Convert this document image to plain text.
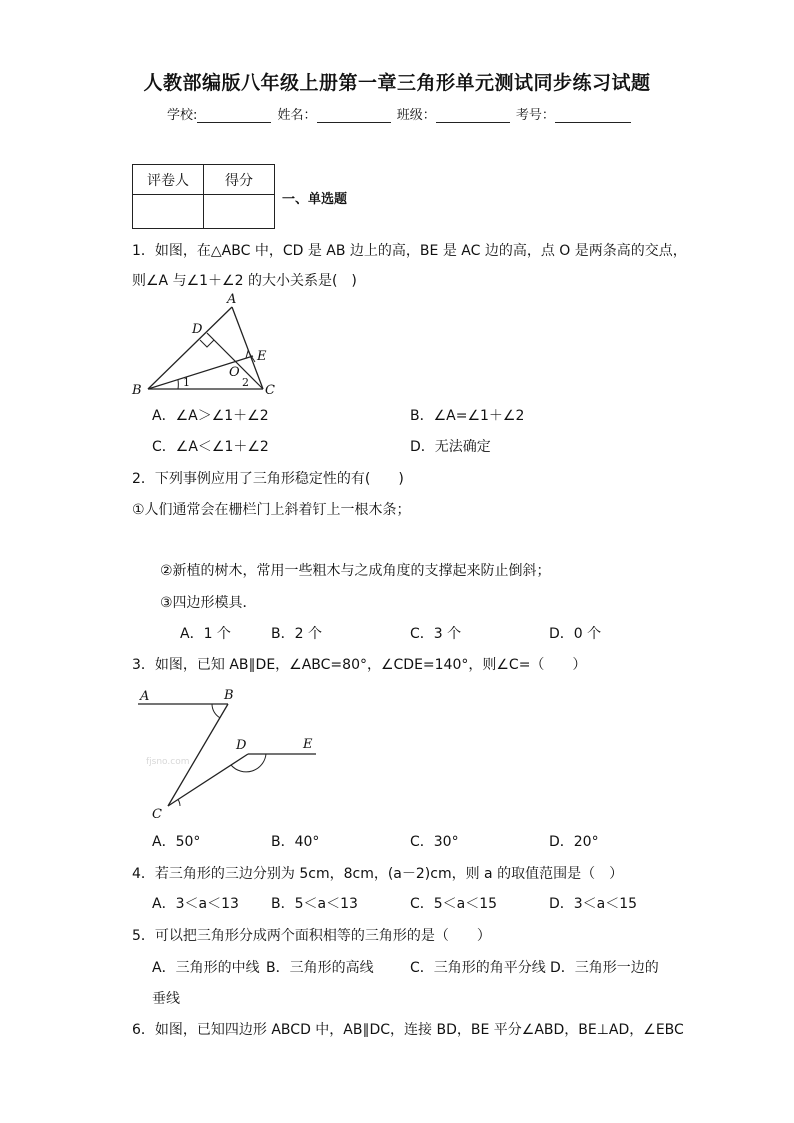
人教部编版八年级上册第一章三角形单元测试同步练习试题
学校:	姓名：	班级：	考号：
评卷人	得分

一、单选题
1．如图，在△ABC 中，CD 是 AB 边上的高，BE 是 AC 边的高，点 O 是两条高的交点，
则∠A 与∠1＋∠2 的大小关系是(　)
A
B	C
D
E
O
1	2
A．∠A＞∠1＋∠2	B．∠A=∠1＋∠2
C．∠A＜∠1＋∠2	D．无法确定
2．下列事例应用了三角形稳定性的有(　　)
①人们通常会在栅栏门上斜着钉上一根木条；
②新植的树木，常用一些粗木与之成角度的支撑起来防止倒斜；
③四边形模具．
A．1 个	B．2 个	C．3 个	D．0 个
3．如图，已知 AB∥DE，∠ABC=80°，∠CDE=140°，则∠C=（　　）
A	B
C
D	E
fjsno.com
A．50°	B．40°	C．30°	D．20°
4．若三角形的三边分别为 5cm，8cm，(a－2)cm，则 a 的取值范围是（　）
A．3＜a＜13 B．5＜a＜13	C．5＜a＜15	D．3＜a＜15
5．可以把三角形分成两个面积相等的三角形的是（　　）
A．三角形的中线 B．三角形的高线	C．三角形的角平分线 D．三角形一边的
垂线
6．如图，已知四边形 ABCD 中，AB∥DC，连接 BD，BE 平分∠ABD，BE⊥AD，∠EBC
